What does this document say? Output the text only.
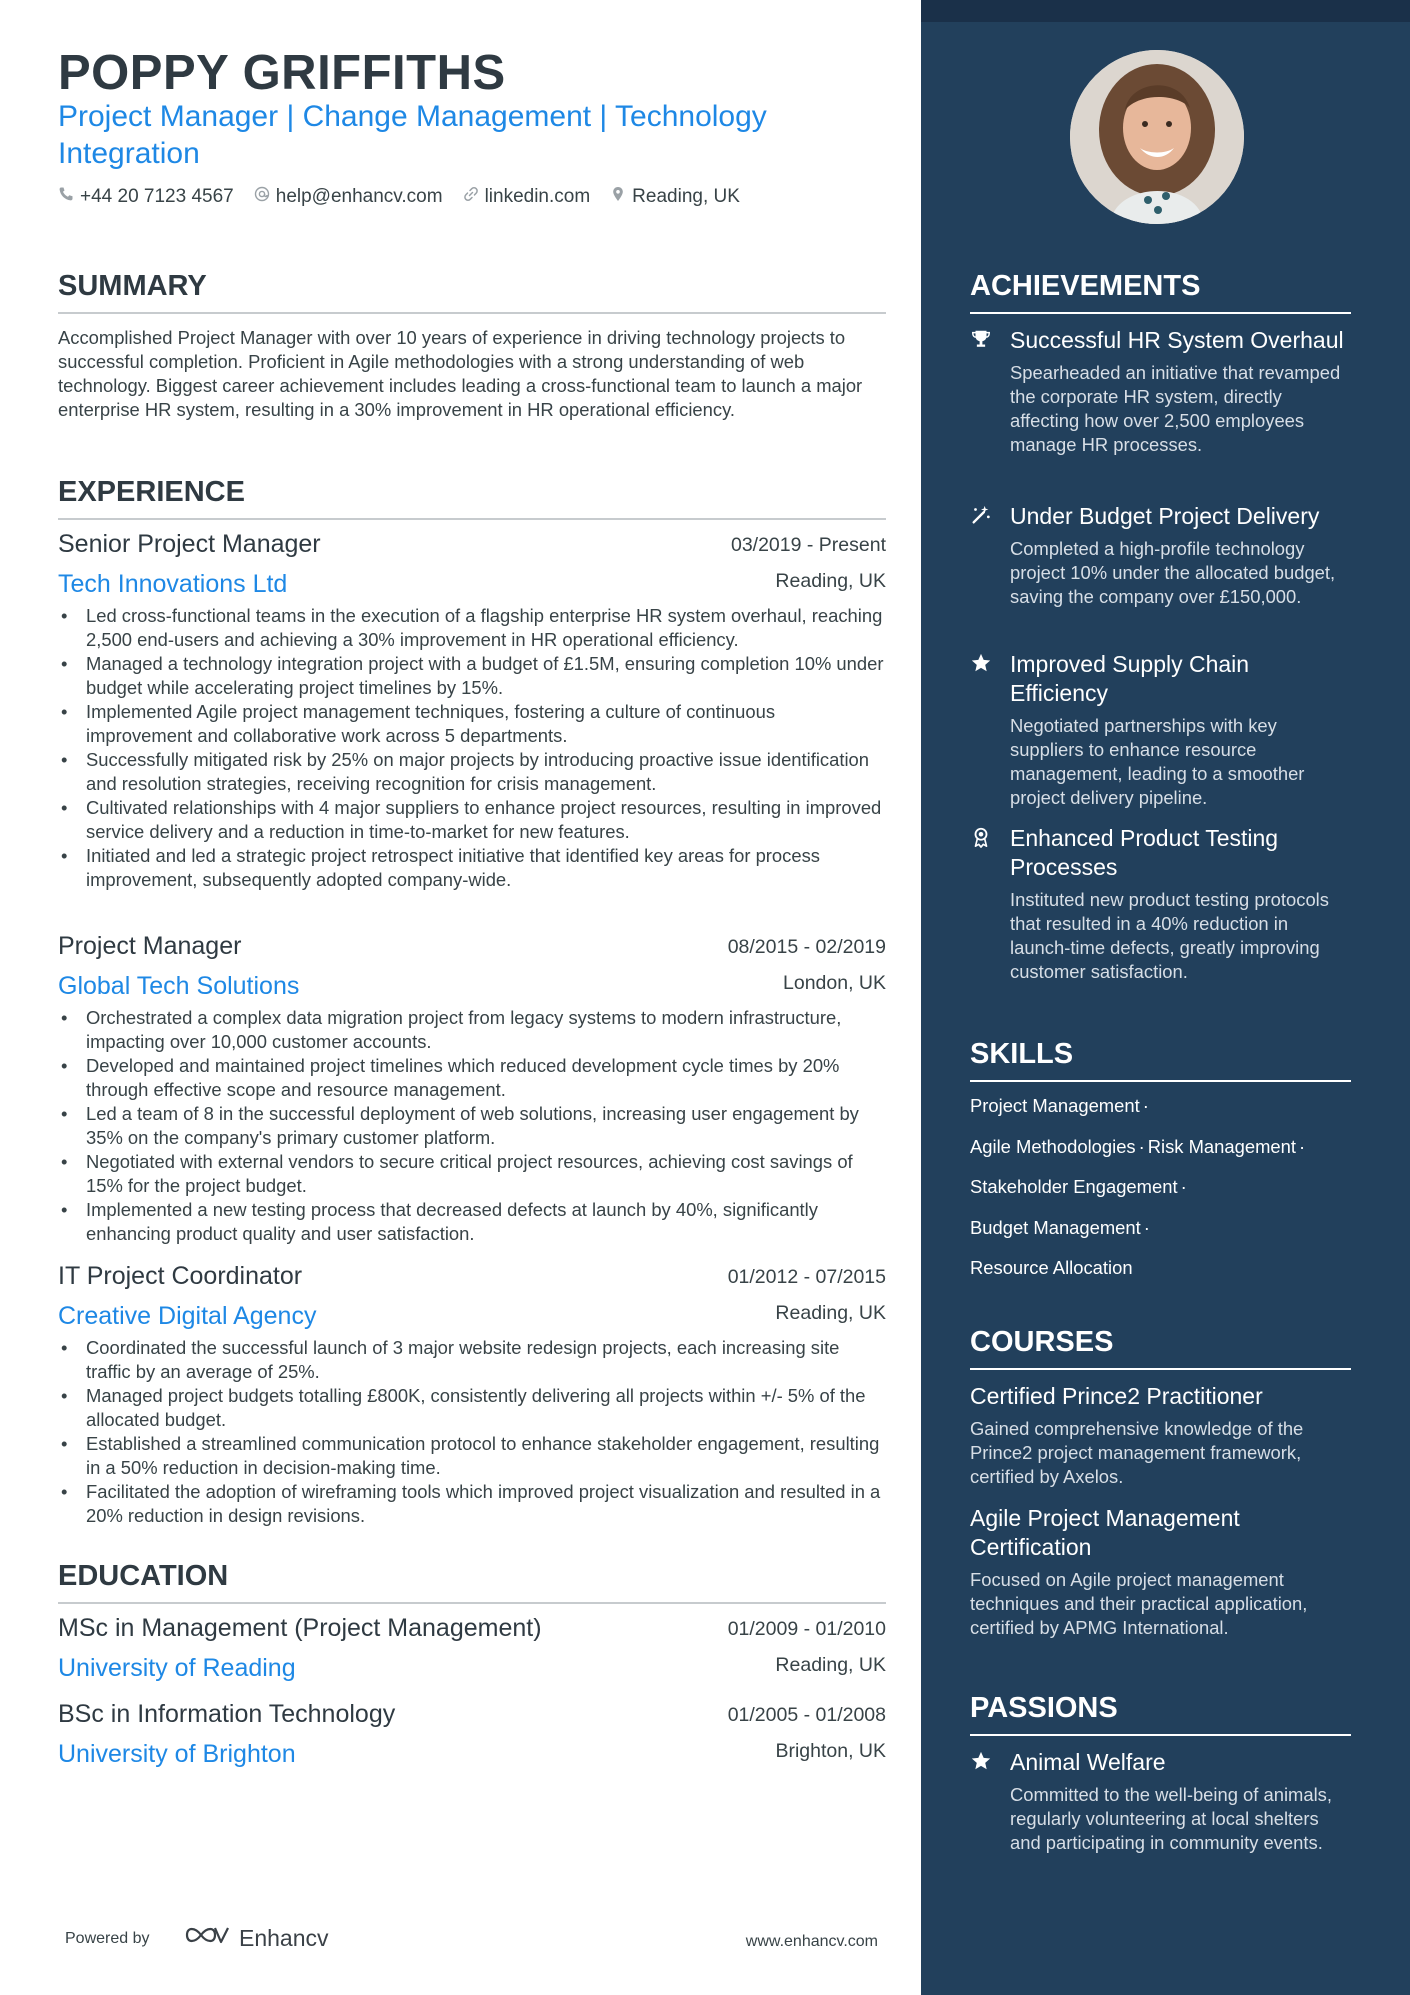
POPPY GRIFFITHS

Project Manager | Change Management | Technology Integration

+44 20 7123 4567 help@enhancv.com linkedin.com Reading, UK
SUMMARY

Accomplished Project Manager with over 10 years of experience in driving technology projects to successful completion. Proficient in Agile methodologies with a strong understanding of web technology. Biggest career achievement includes leading a cross-functional team to launch a major enterprise HR system, resulting in a 30% improvement in HR operational efficiency.

EXPERIENCE
Senior Project Manager	03/2019 - Present
Tech Innovations Ltd	Reading, UK
• Led cross-functional teams in the execution of a flagship enterprise HR system overhaul, reaching 2,500 end-users and achieving a 30% improvement in HR operational efficiency.
• Managed a technology integration project with a budget of £1.5M, ensuring completion 10% under budget while accelerating project timelines by 15%.
• Implemented Agile project management techniques, fostering a culture of continuous improvement and collaborative work across 5 departments.
• Successfully mitigated risk by 25% on major projects by introducing proactive issue identification and resolution strategies, receiving recognition for crisis management.
• Cultivated relationships with 4 major suppliers to enhance project resources, resulting in improved service delivery and a reduction in time-to-market for new features.
• Initiated and led a strategic project retrospect initiative that identified key areas for process improvement, subsequently adopted company-wide.
Project Manager	08/2015 - 02/2019
Global Tech Solutions	London, UK
• Orchestrated a complex data migration project from legacy systems to modern infrastructure, impacting over 10,000 customer accounts.
• Developed and maintained project timelines which reduced development cycle times by 20% through effective scope and resource management.
• Led a team of 8 in the successful deployment of web solutions, increasing user engagement by 35% on the company's primary customer platform.
• Negotiated with external vendors to secure critical project resources, achieving cost savings of 15% for the project budget.
• Implemented a new testing process that decreased defects at launch by 40%, significantly enhancing product quality and user satisfaction.
IT Project Coordinator	01/2012 - 07/2015
Creative Digital Agency	Reading, UK
• Coordinated the successful launch of 3 major website redesign projects, each increasing site traffic by an average of 25%.
• Managed project budgets totalling £800K, consistently delivering all projects within +/- 5% of the allocated budget.
• Established a streamlined communication protocol to enhance stakeholder engagement, resulting in a 50% reduction in decision-making time.
• Facilitated the adoption of wireframing tools which improved project visualization and resulted in a 20% reduction in design revisions.
EDUCATION
MSc in Management (Project Management)	01/2009 - 01/2010
University of Reading	Reading, UK
BSc in Information Technology	01/2005 - 01/2008
University of Brighton	Brighton, UK
Powered by	Enhancv	www.enhancv.com
ACHIEVEMENTS

Successful HR System Overhaul

Spearheaded an initiative that revamped the corporate HR system, directly affecting how over 2,500 employees manage HR processes.

Under Budget Project Delivery

Completed a high-profile technology project 10% under the allocated budget, saving the company over £150,000.

Improved Supply Chain Efficiency

Negotiated partnerships with key suppliers to enhance resource management, leading to a smoother project delivery pipeline.

Enhanced Product Testing Processes

Instituted new product testing protocols that resulted in a 40% reduction in launch-time defects, greatly improving customer satisfaction.

SKILLS
Project Management ·
Agile Methodologies · Risk Management ·
Stakeholder Engagement ·
Budget Management ·
Resource Allocation
COURSES

Certified Prince2 Practitioner

Gained comprehensive knowledge of the Prince2 project management framework, certified by Axelos.

Agile Project Management Certification

Focused on Agile project management techniques and their practical application, certified by APMG International.

PASSIONS

Animal Welfare

Committed to the well-being of animals, regularly volunteering at local shelters and participating in community events.
